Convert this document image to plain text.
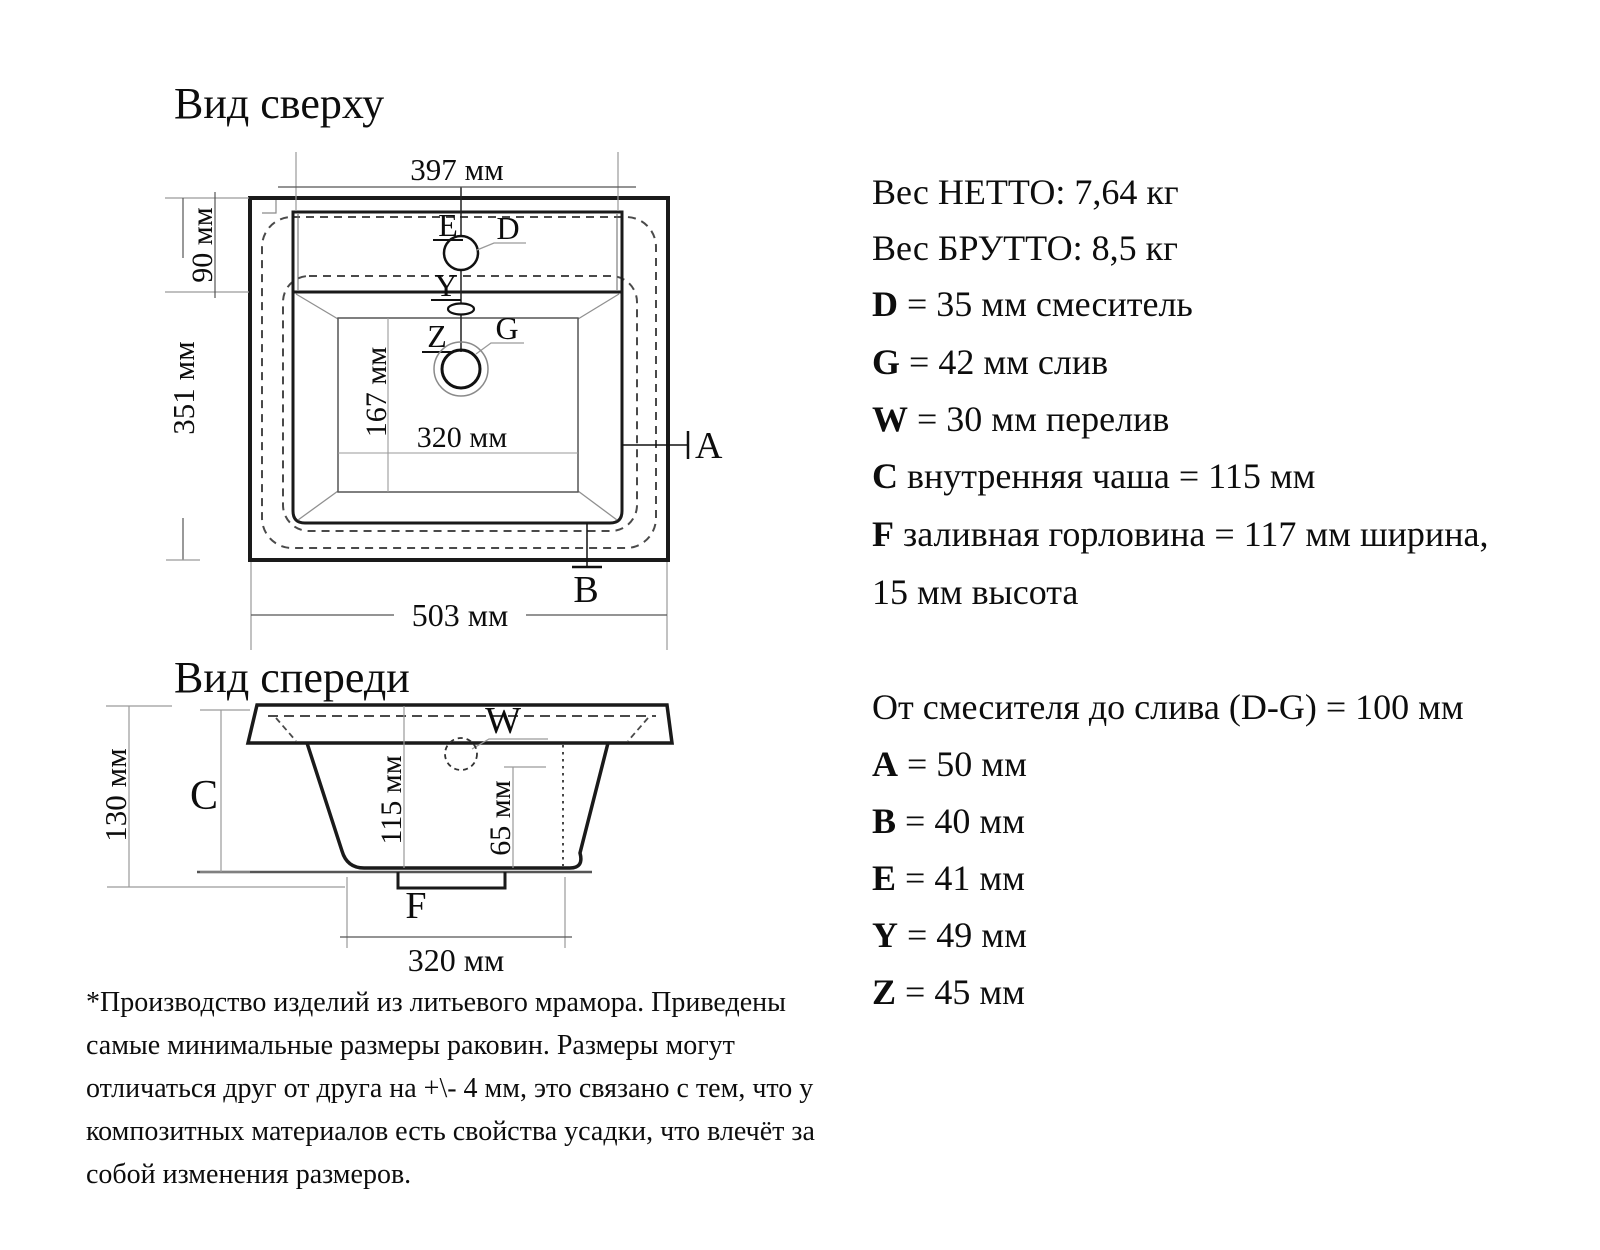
397 мм
90 мм
351 мм	167 мм
320 мм
503 мм
E D
Y
Z G
A
B
130 мм C
W
115 мм	65 мм
F
320 мм
Вид сверху
Вид спереди
Вес НЕТТО: 7,64 кг
Вес БРУТТО: 8,5 кг
D = 35 мм смеситель
G = 42 мм слив
W = 30 мм перелив
C внутренняя чаша = 115 мм
F заливная горловина = 117 мм ширина,
15 мм высота
От смесителя до слива (D-G) = 100 мм
A = 50 мм
B = 40 мм
E = 41 мм
Y = 49 мм
Z = 45 мм
*Производство изделий из литьевого мрамора. Приведены
самые минимальные размеры раковин. Размеры могут
отличаться друг от друга на +\- 4 мм, это связано с тем, что у
композитных материалов есть свойства усадки, что влечёт за
собой изменения размеров.
